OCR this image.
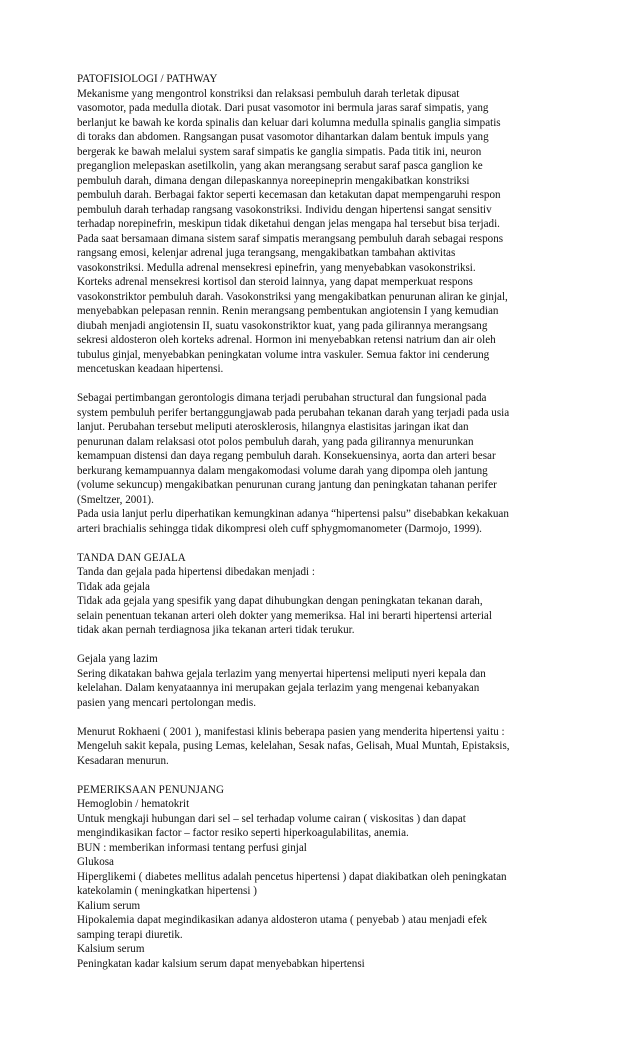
PATOFISIOLOGI / PATHWAY
Mekanisme yang mengontrol konstriksi dan relaksasi pembuluh darah terletak dipusat
vasomotor, pada medulla diotak. Dari pusat vasomotor ini bermula jaras saraf simpatis, yang
berlanjut ke bawah ke korda spinalis dan keluar dari kolumna medulla spinalis ganglia simpatis
di toraks dan abdomen. Rangsangan pusat vasomotor dihantarkan dalam bentuk impuls yang
bergerak ke bawah melalui system saraf simpatis ke ganglia simpatis. Pada titik ini, neuron
preganglion melepaskan asetilkolin, yang akan merangsang serabut saraf pasca ganglion ke
pembuluh darah, dimana dengan dilepaskannya noreepineprin mengakibatkan konstriksi
pembuluh darah. Berbagai faktor seperti kecemasan dan ketakutan dapat mempengaruhi respon
pembuluh darah terhadap rangsang vasokonstriksi. Individu dengan hipertensi sangat sensitiv
terhadap norepinefrin, meskipun tidak diketahui dengan jelas mengapa hal tersebut bisa terjadi.
Pada saat bersamaan dimana sistem saraf simpatis merangsang pembuluh darah sebagai respons
rangsang emosi, kelenjar adrenal juga terangsang, mengakibatkan tambahan aktivitas
vasokonstriksi. Medulla adrenal mensekresi epinefrin, yang menyebabkan vasokonstriksi.
Korteks adrenal mensekresi kortisol dan steroid lainnya, yang dapat memperkuat respons
vasokonstriktor pembuluh darah. Vasokonstriksi yang mengakibatkan penurunan aliran ke ginjal,
menyebabkan pelepasan rennin. Renin merangsang pembentukan angiotensin I yang kemudian
diubah menjadi angiotensin II, suatu vasokonstriktor kuat, yang pada gilirannya merangsang
sekresi aldosteron oleh korteks adrenal. Hormon ini menyebabkan retensi natrium dan air oleh
tubulus ginjal, menyebabkan peningkatan volume intra vaskuler. Semua faktor ini cenderung
mencetuskan keadaan hipertensi.
Sebagai pertimbangan gerontologis dimana terjadi perubahan structural dan fungsional pada
system pembuluh perifer bertanggungjawab pada perubahan tekanan darah yang terjadi pada usia
lanjut. Perubahan tersebut meliputi aterosklerosis, hilangnya elastisitas jaringan ikat dan
penurunan dalam relaksasi otot polos pembuluh darah, yang pada gilirannya menurunkan
kemampuan distensi dan daya regang pembuluh darah. Konsekuensinya, aorta dan arteri besar
berkurang kemampuannya dalam mengakomodasi volume darah yang dipompa oleh jantung
(volume sekuncup) mengakibatkan penurunan curang jantung dan peningkatan tahanan perifer
(Smeltzer, 2001).
Pada usia lanjut perlu diperhatikan kemungkinan adanya “hipertensi palsu” disebabkan kekakuan
arteri brachialis sehingga tidak dikompresi oleh cuff sphygmomanometer (Darmojo, 1999).
TANDA DAN GEJALA
Tanda dan gejala pada hipertensi dibedakan menjadi :
Tidak ada gejala
Tidak ada gejala yang spesifik yang dapat dihubungkan dengan peningkatan tekanan darah,
selain penentuan tekanan arteri oleh dokter yang memeriksa. Hal ini berarti hipertensi arterial
tidak akan pernah terdiagnosa jika tekanan arteri tidak terukur.
Gejala yang lazim
Sering dikatakan bahwa gejala terlazim yang menyertai hipertensi meliputi nyeri kepala dan
kelelahan. Dalam kenyataannya ini merupakan gejala terlazim yang mengenai kebanyakan
pasien yang mencari pertolongan medis.
Menurut Rokhaeni ( 2001 ), manifestasi klinis beberapa pasien yang menderita hipertensi yaitu :
Mengeluh sakit kepala, pusing Lemas, kelelahan, Sesak nafas, Gelisah, Mual Muntah, Epistaksis,
Kesadaran menurun.
PEMERIKSAAN PENUNJANG
Hemoglobin / hematokrit
Untuk mengkaji hubungan dari sel – sel terhadap volume cairan ( viskositas ) dan dapat
mengindikasikan factor – factor resiko seperti hiperkoagulabilitas, anemia.
BUN : memberikan informasi tentang perfusi ginjal
Glukosa
Hiperglikemi ( diabetes mellitus adalah pencetus hipertensi ) dapat diakibatkan oleh peningkatan
katekolamin ( meningkatkan hipertensi )
Kalium serum
Hipokalemia dapat megindikasikan adanya aldosteron utama ( penyebab ) atau menjadi efek
samping terapi diuretik.
Kalsium serum
Peningkatan kadar kalsium serum dapat menyebabkan hipertensi
